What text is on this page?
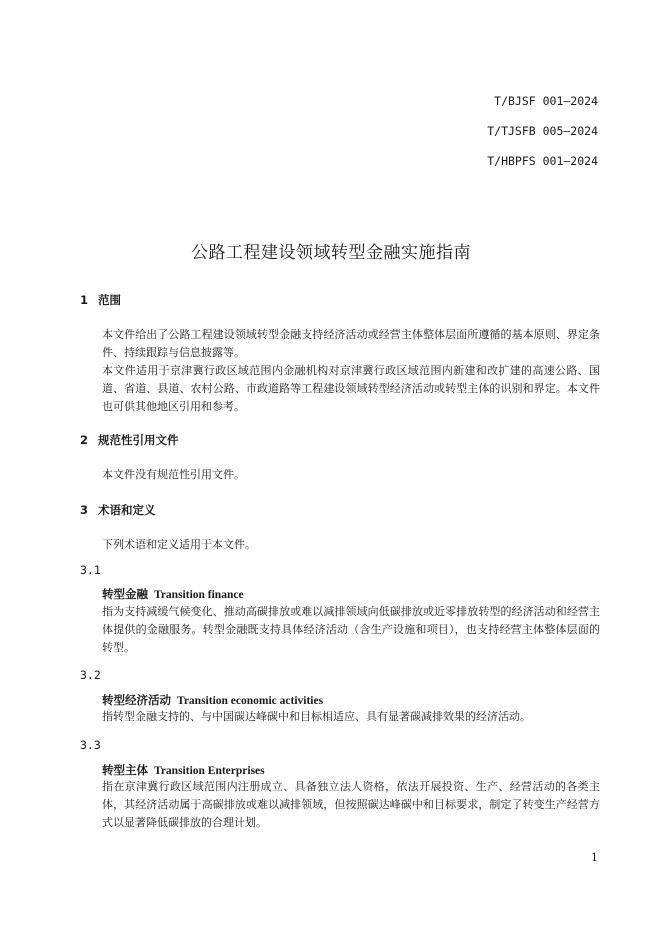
T/BJSF 001—2024
T/TJSFB 005—2024
T/HBPFS 001—2024
公路工程建设领域转型金融实施指南
1 范围
本文件给出了公路工程建设领域转型金融支持经济活动或经营主体整体层面所遵循的基本原则、界定条件、持续跟踪与信息披露等。
本文件适用于京津冀行政区域范围内金融机构对京津冀行政区域范围内新建和改扩建的高速公路、国道、省道、县道、农村公路、市政道路等工程建设领域转型经济活动或转型主体的识别和界定。本文件也可供其他地区引用和参考。
2 规范性引用文件
本文件没有规范性引用文件。
3 术语和定义
下列术语和定义适用于本文件。
3.1
转型金融 Transition finance
指为支持减缓气候变化、推动高碳排放或难以减排领域向低碳排放或近零排放转型的经济活动和经营主体提供的金融服务。转型金融既支持具体经济活动（含生产设施和项目），也支持经营主体整体层面的转型。
3.2
转型经济活动 Transition economic activities
指转型金融支持的、与中国碳达峰碳中和目标相适应、具有显著碳减排效果的经济活动。
3.3
转型主体 Transition Enterprises
指在京津冀行政区域范围内注册成立、具备独立法人资格，依法开展投资、生产、经营活动的各类主体，其经济活动属于高碳排放或难以减排领域，但按照碳达峰碳中和目标要求，制定了转变生产经营方式以显著降低碳排放的合理计划。
1
